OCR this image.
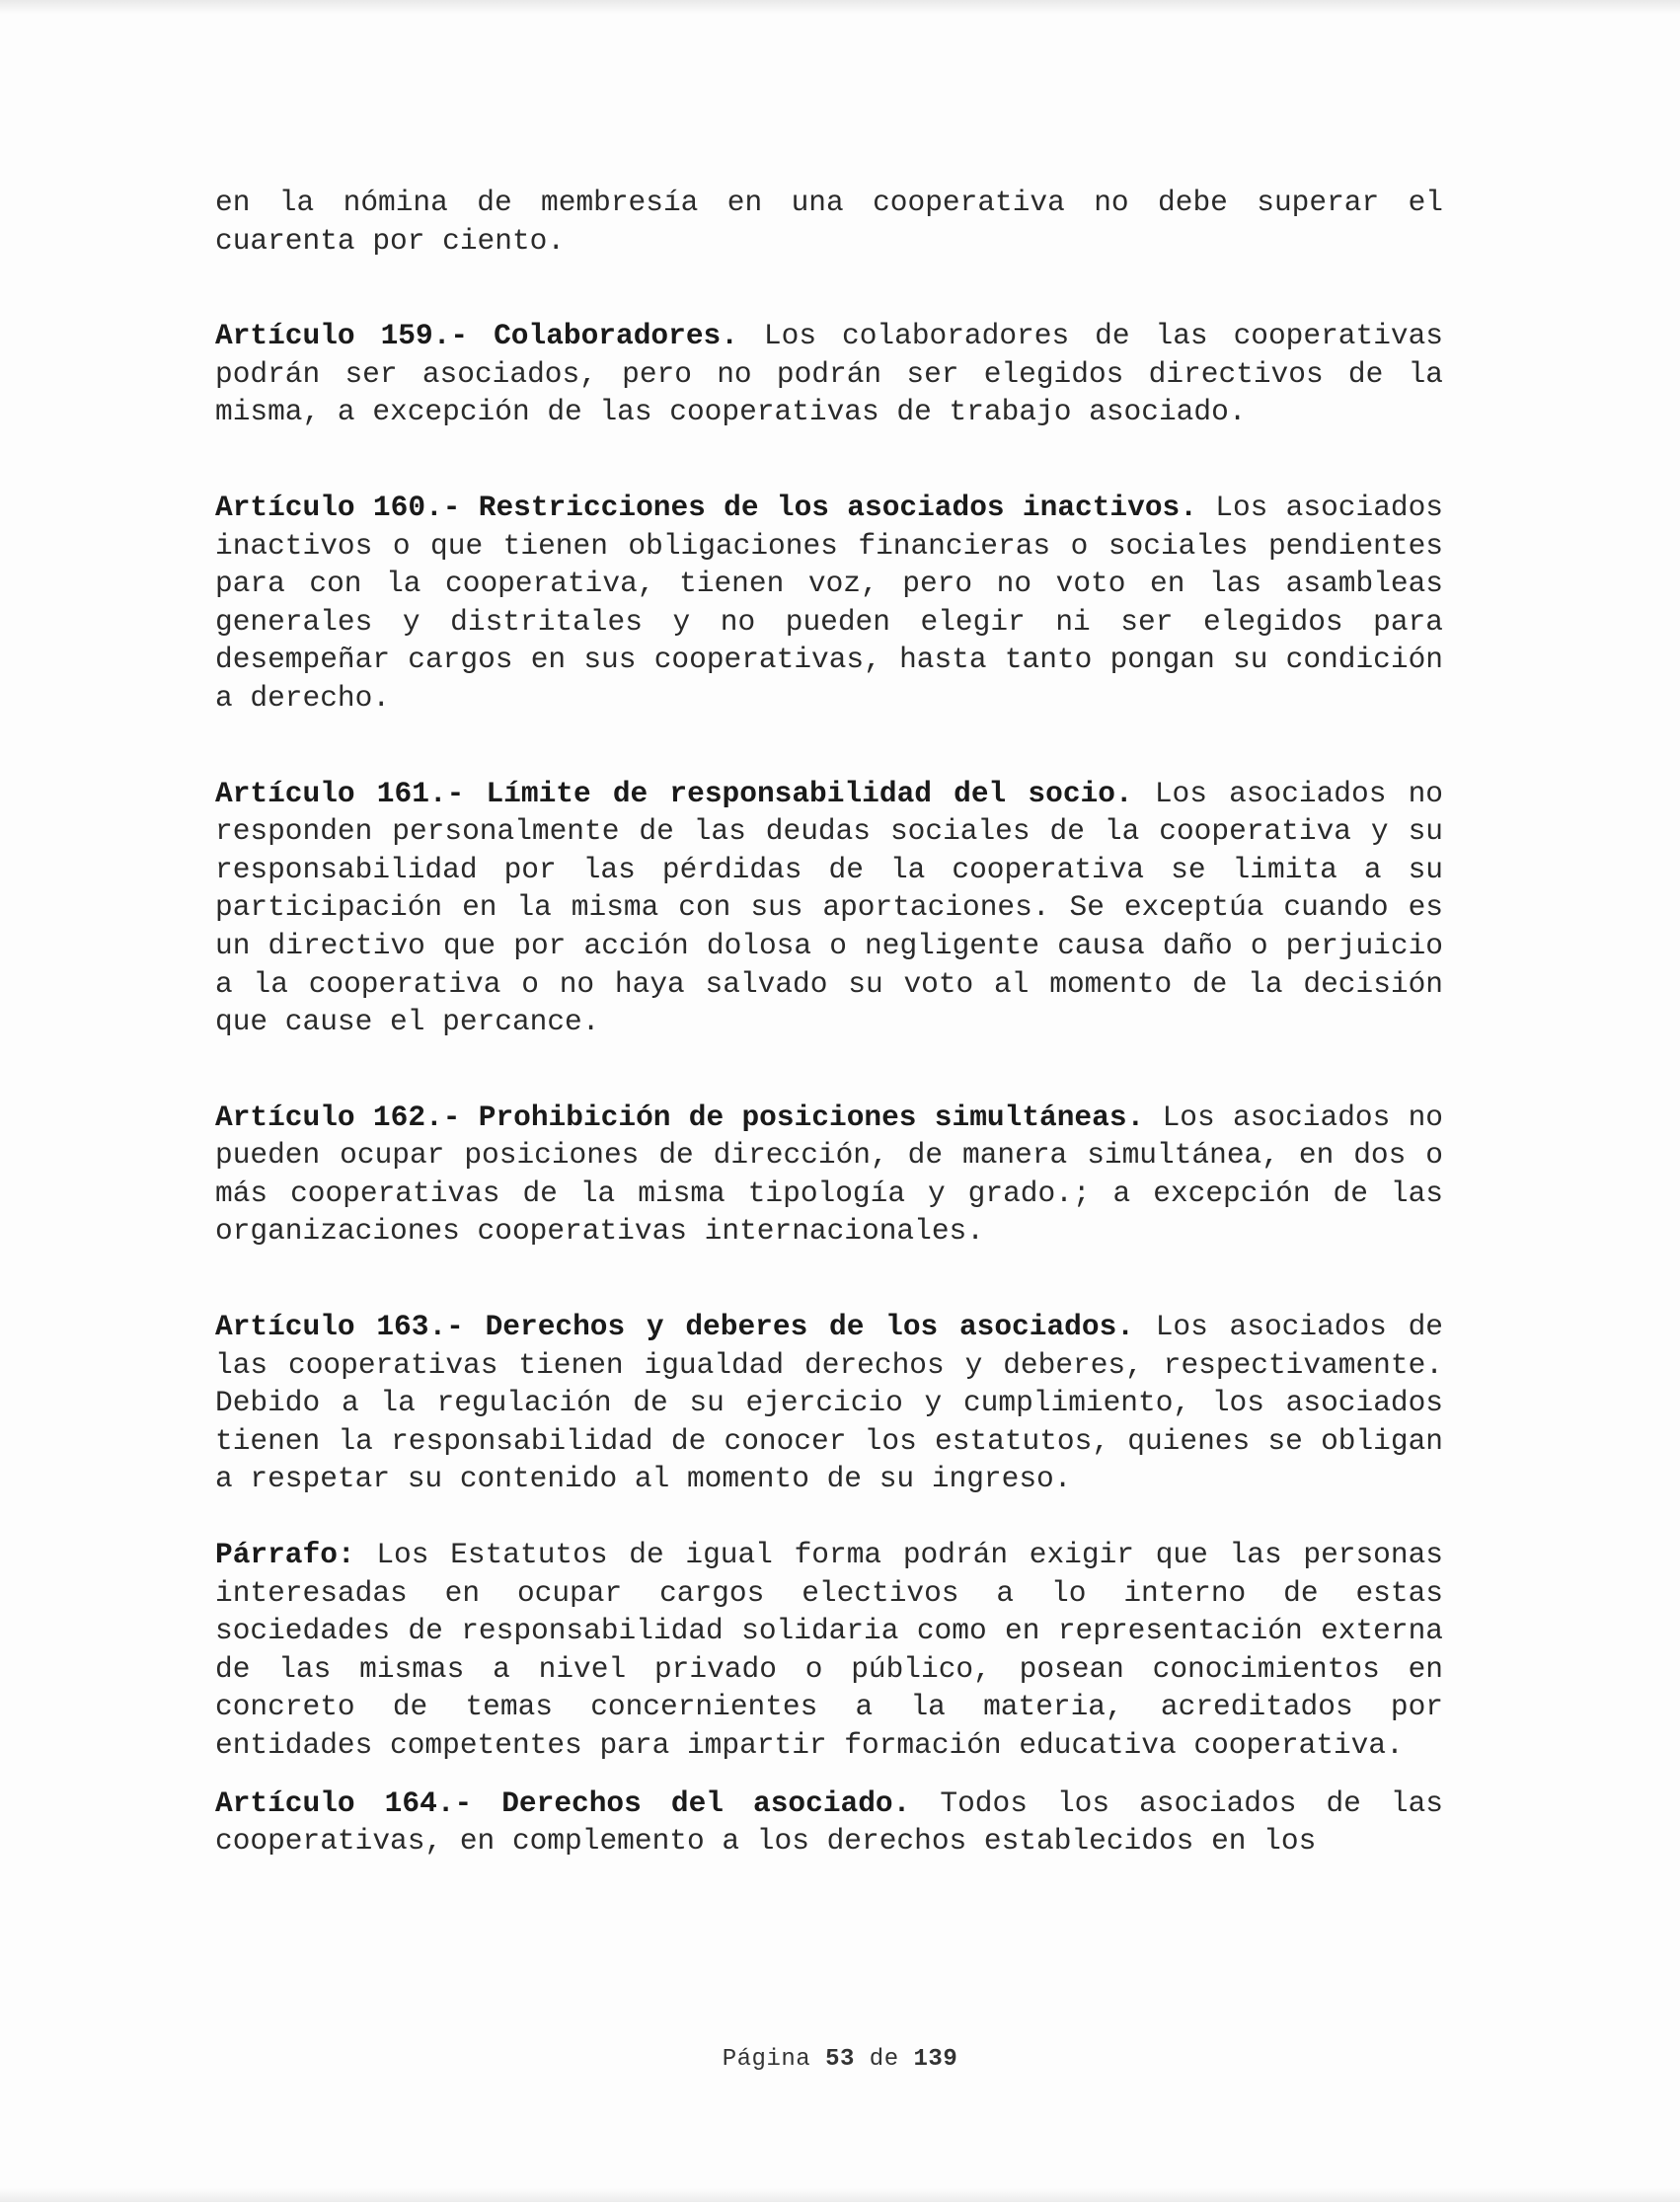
en la nómina de membresía en una cooperativa no debe superar el cuarenta por ciento.

Artículo 159.- Colaboradores. Los colaboradores de las cooperativas podrán ser asociados, pero no podrán ser elegidos directivos de la misma, a excepción de las cooperativas de trabajo asociado.

Artículo 160.- Restricciones de los asociados inactivos. Los asociados inactivos o que tienen obligaciones financieras o sociales pendientes para con la cooperativa, tienen voz, pero no voto en las asambleas generales y distritales y no pueden elegir ni ser elegidos para desempeñar cargos en sus cooperativas, hasta tanto pongan su condición a derecho.

Artículo 161.- Límite de responsabilidad del socio. Los asociados no responden personalmente de las deudas sociales de la cooperativa y su responsabilidad por las pérdidas de la cooperativa se limita a su participación en la misma con sus aportaciones. Se exceptúa cuando es un directivo que por acción dolosa o negligente causa daño o perjuicio a la cooperativa o no haya salvado su voto al momento de la decisión que cause el percance.

Artículo 162.- Prohibición de posiciones simultáneas. Los asociados no pueden ocupar posiciones de dirección, de manera simultánea, en dos o más cooperativas de la misma tipología y grado.; a excepción de las organizaciones cooperativas internacionales.

Artículo 163.- Derechos y deberes de los asociados. Los asociados de las cooperativas tienen igualdad derechos y deberes, respectivamente. Debido a la regulación de su ejercicio y cumplimiento, los asociados tienen la responsabilidad de conocer los estatutos, quienes se obligan a respetar su contenido al momento de su ingreso.

Párrafo: Los Estatutos de igual forma podrán exigir que las personas interesadas en ocupar cargos electivos a lo interno de estas sociedades de responsabilidad solidaria como en representación externa de las mismas a nivel privado o público, posean conocimientos en concreto de temas concernientes a la materia, acreditados por entidades competentes para impartir formación educativa cooperativa.

Artículo 164.- Derechos del asociado. Todos los asociados de las cooperativas, en complemento a los derechos establecidos en los

Página 53 de 139
